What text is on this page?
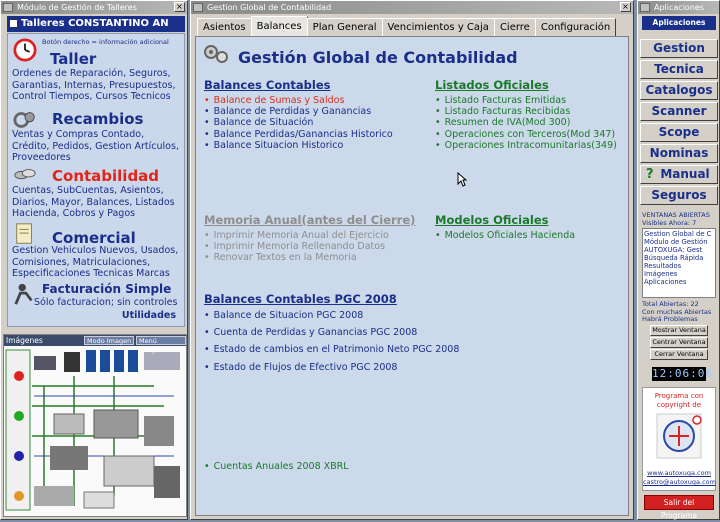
Módulo de Gestión de Talleres	×
Talleres CONSTANTINO AN
Botón derecho = información adicional
Taller
Ordenes de Reparación, Seguros, Garantias, Internas, Presupuestos, Control Tiempos, Cursos Tecnicos
Recambios
Ventas y Compras Contado, Crédito, Pedidos, Gestion Artículos, Proveedores
Contabilidad
Cuentas, SubCuentas, Asientos, Diarios, Mayor, Balances, Listados Hacienda, Cobros y Pagos
Comercial
Gestion Vehiculos Nuevos, Usados, Comisiones, Matriculaciones, Especificaciones Tecnicas Marcas
Facturación Simple
Sólo facturacion; sin controles
Utilidades
Imágenes	Modo Imagen	Menú Imagen
Gestion Global de Contabilidad	×
Asientos	Balances	Plan General	Vencimientos y Caja	Cierre	Configuración
Gestión Global de Contabilidad
Balances Contables
• Balance de Sumas y Saldos
• Balance de Perdidas y Ganancias
• Balance de Situación
• Balance Perdidas/Ganancias Historico
• Balance Situacion Historico
Listados Oficiales
• Listado Facturas Emitidas
• Listado Facturas Recibidas
• Resumen de IVA(Mod 300)
• Operaciones con Terceros(Mod 347)
• Operaciones Intracomunitarias(349)
Memoria Anual(antes del Cierre)
• Imprimir Memoria Anual del Ejercicio
• Imprimir Memoria Rellenando Datos
• Renovar Textos en la Memoria
Modelos Oficiales
• Modelos Oficiales Hacienda
Balances Contables PGC 2008
• Balance de Situacion PGC 2008
• Cuenta de Perdidas y Ganancias PGC 2008
• Estado de cambios en el Patrimonio Neto PGC 2008
• Estado de Flujos de Efectivo PGC 2008
• Cuentas Anuales 2008 XBRL
Aplicaciones
Aplicaciones
Gestion
Tecnica
Catalogos
Scanner
Scope
Nominas
? Manual
Seguros
VENTANAS ABIERTAS
Visibles Ahora: 7
Gestion Global de C
Módulo de Gestión
AUTOXUGA: Gest
Búsqueda Rápida
Resultados
Imágenes
Aplicaciones
Total Abiertas: 22
Con muchas Abiertas
Habrá Problemas
Mostrar Ventana
Centrar Ventana
Cerrar Ventana
12:06:06
Programa con
copyright de
www.autoxuga.com
castro@autoxuga.com
Salir del Programa
